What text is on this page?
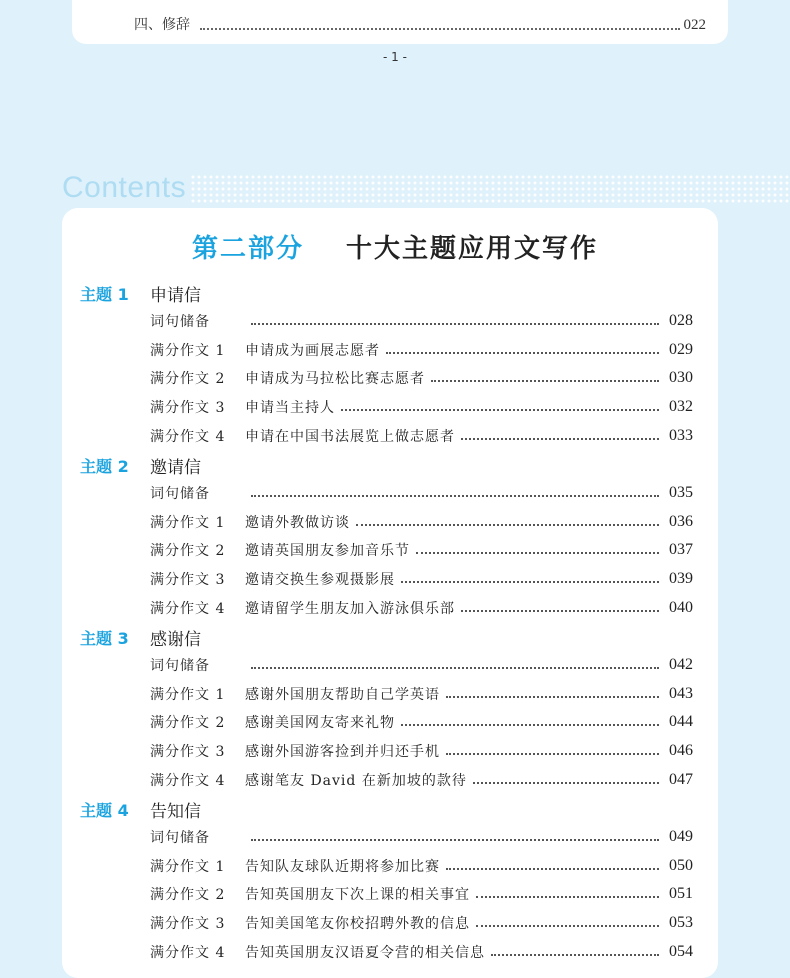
四、修辞	022
- 1 -
Contents
第二部分 十大主题应用文写作
主题 1	申请信
词句储备	028
满分作文 1	申请成为画展志愿者	029
满分作文 2	申请成为马拉松比赛志愿者	030
满分作文 3	申请当主持人	032
满分作文 4	申请在中国书法展览上做志愿者	033
主题 2	邀请信
词句储备	035
满分作文 1	邀请外教做访谈	036
满分作文 2	邀请英国朋友参加音乐节	037
满分作文 3	邀请交换生参观摄影展	039
满分作文 4	邀请留学生朋友加入游泳俱乐部	040
主题 3	感谢信
词句储备	042
满分作文 1	感谢外国朋友帮助自己学英语	043
满分作文 2	感谢美国网友寄来礼物	044
满分作文 3	感谢外国游客捡到并归还手机	046
满分作文 4	感谢笔友 David 在新加坡的款待	047
主题 4	告知信
词句储备	049
满分作文 1	告知队友球队近期将参加比赛	050
满分作文 2	告知英国朋友下次上课的相关事宜	051
满分作文 3	告知美国笔友你校招聘外教的信息	053
满分作文 4	告知英国朋友汉语夏令营的相关信息	054
